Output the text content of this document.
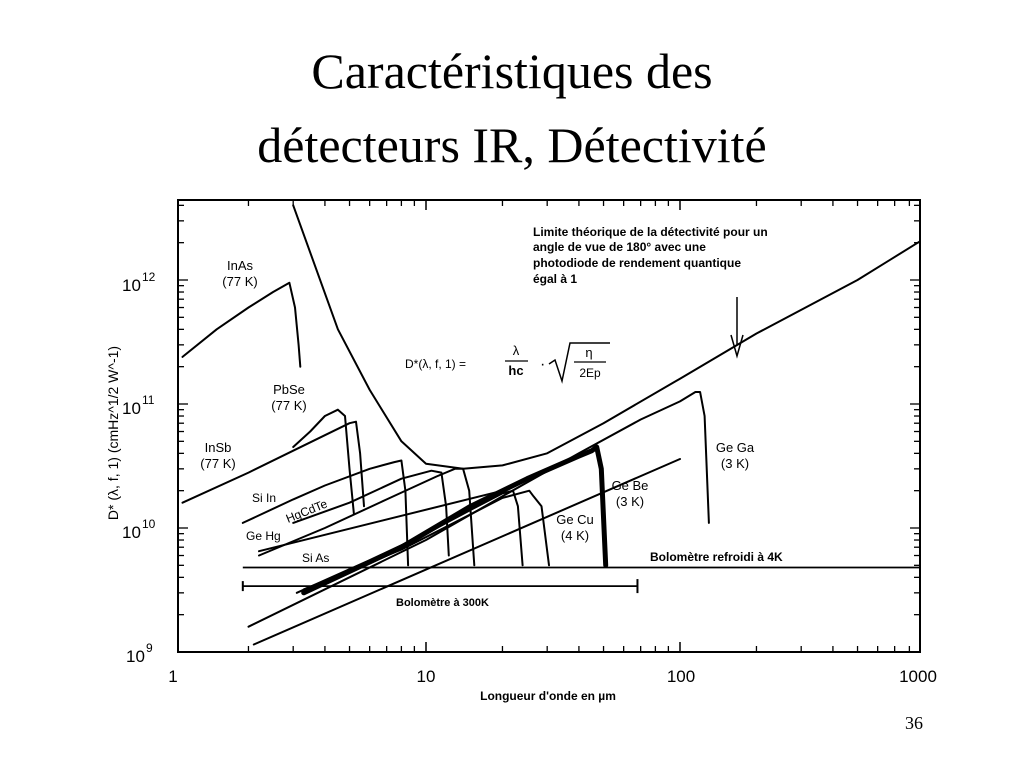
Caractéristiques des
détecteurs IR, Détectivité
InAs (77 K)
PbSe (77 K)
InSb (77 K)
Si In HgCdTe
Ge Hg
Si As
Ge Cu (4 K)
Ge Be (3 K)
Ge Ga (3 K)
Bolomètre refroidi à 4K
Bolomètre à 300K
10 12
10 11
10 10
10 9
1	10	100	1000
Longueur d'onde en µm
D* (λ, f, 1) (cmHz^1/2 W^-1)
Limite théorique de la détectivité pour un
angle de vue de 180° avec une
photodiode de rendement quantique
égal à 1
D*(λ, f, 1) =
λ
hc ·
η
2Ep
36
